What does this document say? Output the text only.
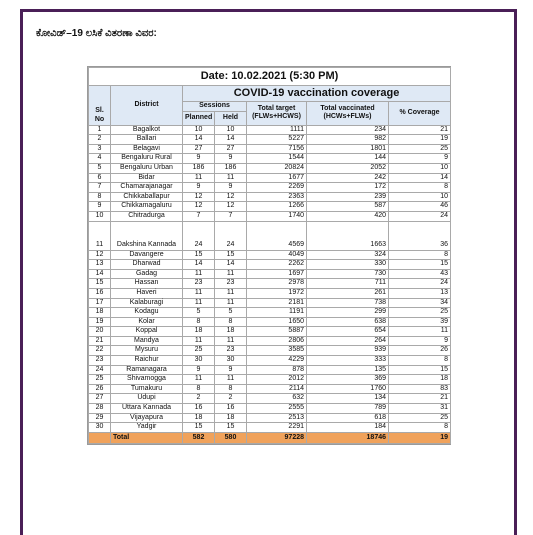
ಕೋವಿಡ್–19 ಲಸಿಕೆ ವಿತರಣಾ ವಿವರ:
Date: 10.02.2021 (5:30 PM)						
Sl. No	District	COVID-19 vaccination coverage				
		Sessions		Total target (FLWs+HCWS)	Total vaccinated (HCWs+FLWs)	% Coverage
		Planned	Held			
1	Bagalkot	10	10	1111	234	21
2	Ballari	14	14	5227	982	19
3	Belagavi	27	27	7156	1801	25
4	Bengaluru Rural	9	9	1544	144	9
5	Bengaluru Urban	186	186	20824	2052	10
6	Bidar	11	11	1677	242	14
7	Chamarajanagar	9	9	2269	172	8
8	Chikkaballapur	12	12	2363	239	10
9	Chikkamagaluru	12	12	1266	587	46
10	Chitradurga	7	7	1740	420	24
11	Dakshina Kannada	24	24	4569	1663	36
12	Davangere	15	15	4049	324	8
13	Dharwad	14	14	2262	330	15
14	Gadag	11	11	1697	730	43
15	Hassan	23	23	2978	711	24
16	Haveri	11	11	1972	261	13
17	Kalaburagi	11	11	2181	738	34
18	Kodagu	5	5	1191	299	25
19	Kolar	8	8	1650	638	39
20	Koppal	18	18	5887	654	11
21	Mandya	11	11	2806	264	9
22	Mysuru	25	23	3585	939	26
23	Raichur	30	30	4229	333	8
24	Ramanagara	9	9	878	135	15
25	Shivamogga	11	11	2012	369	18
26	Tumakuru	8	8	2114	1760	83
27	Udupi	2	2	632	134	21
28	Uttara Kannada	16	16	2555	789	31
29	Vijayapura	18	18	2513	618	25
30	Yadgir	15	15	2291	184	8
	Total	582	580	97228	18746	19
